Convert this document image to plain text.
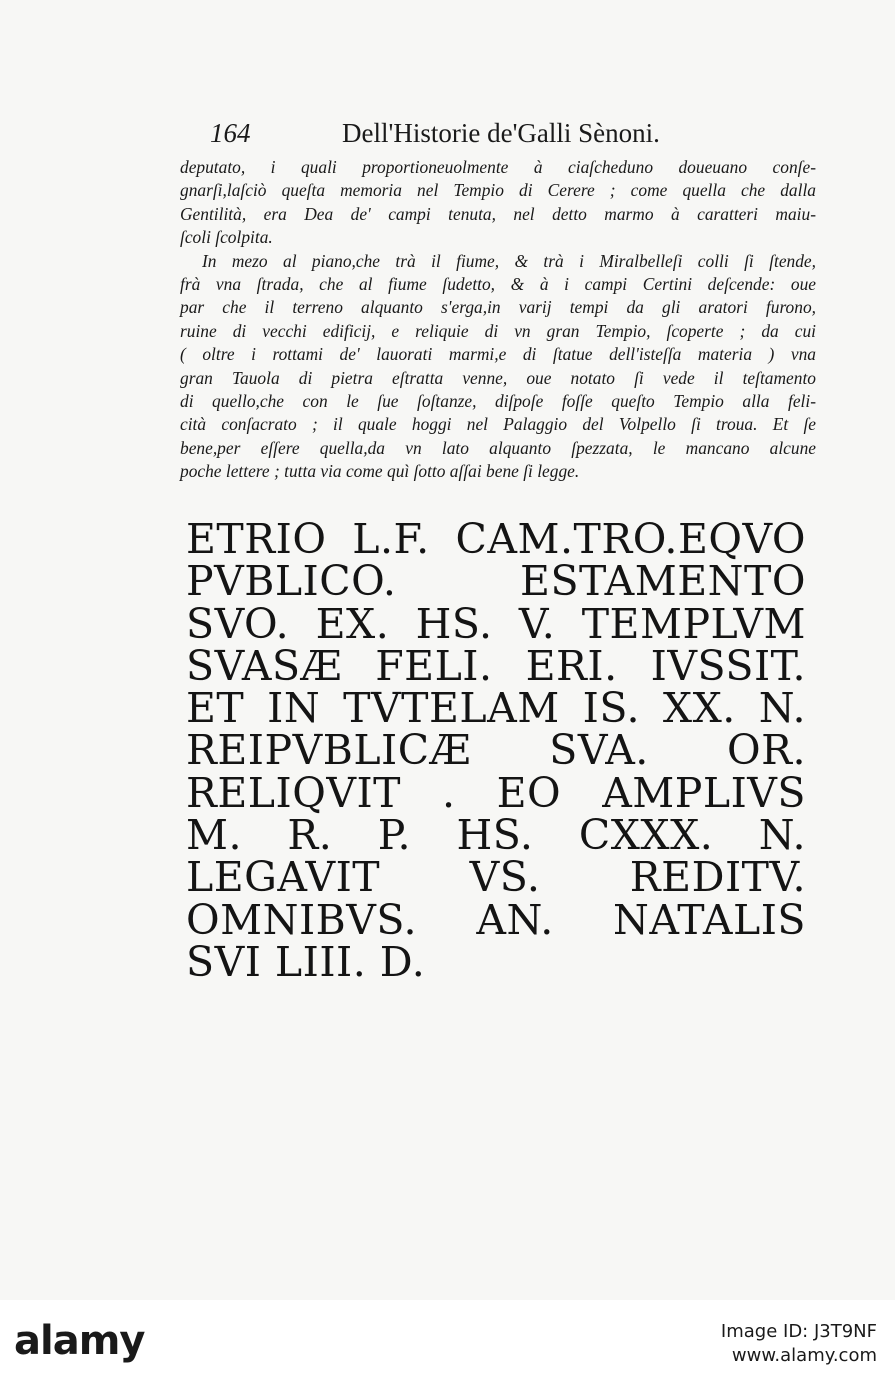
164	Dell'Historie de'Galli Sènoni.
deputato, i quali proportioneuolmente à ciaſchedunо doueuano conſe-
gnarſi,laſciò queſta memoria nel Tempio di Cerere ; come quella che dalla
Gentilità, era Dea de' campi tenuta, nel detto marmo à caratteri maiu-
ſcoli ſcolpita.
In mezo al piano,che trà il fiume, & trà i Miralbelleſi colli ſi ſtende,
frà vna ſtrada, che al fiume ſudetto, & à i campi Certini deſcende: oue
par che il terreno alquanto s'erga,in varij tempi da gli aratori furono,
ruine di vecchi edificij, e reliquie di vn gran Tempio, ſcoperte ; da cui
( oltre i rottami de' lauorati marmi,e di ſtatue dell'isteſſa materia ) vna
gran Tauola di pietra eſtratta venne, oue notato ſi vede il teſtamento
di quello,che con le ſue ſoſtanze, diſpoſe foſſe queſto Tempio alla feli-
cità conſacrato ; il quale hoggi nel Palaggio del Volpello ſi troua. Et ſe
bene,per eſſere quella,da vn lato alquanto ſpezzata, le mancano alcune
poche lettere ; tutta via come quì ſotto aſſai bene ſi legge.
ETRIO L.F. CAM.TRO.EQVO
PVBLICO. ESTAMENTO
SVO. EX. HS. V. TEMPLVM
SVASÆ FELI. ERI. IVSSIT.
ET IN TVTELAM IS. XX. N.
REIPVBLICÆ SVA. OR.
RELIQVIT . EO AMPLIVS
M. R. P. HS. CXXX. N.
LEGAVIT VS. REDITV.
OMNIBVS. AN. NATALIS
SVI LIII. D.
alamy	Image ID: J3T9NF
www.alamy.com
